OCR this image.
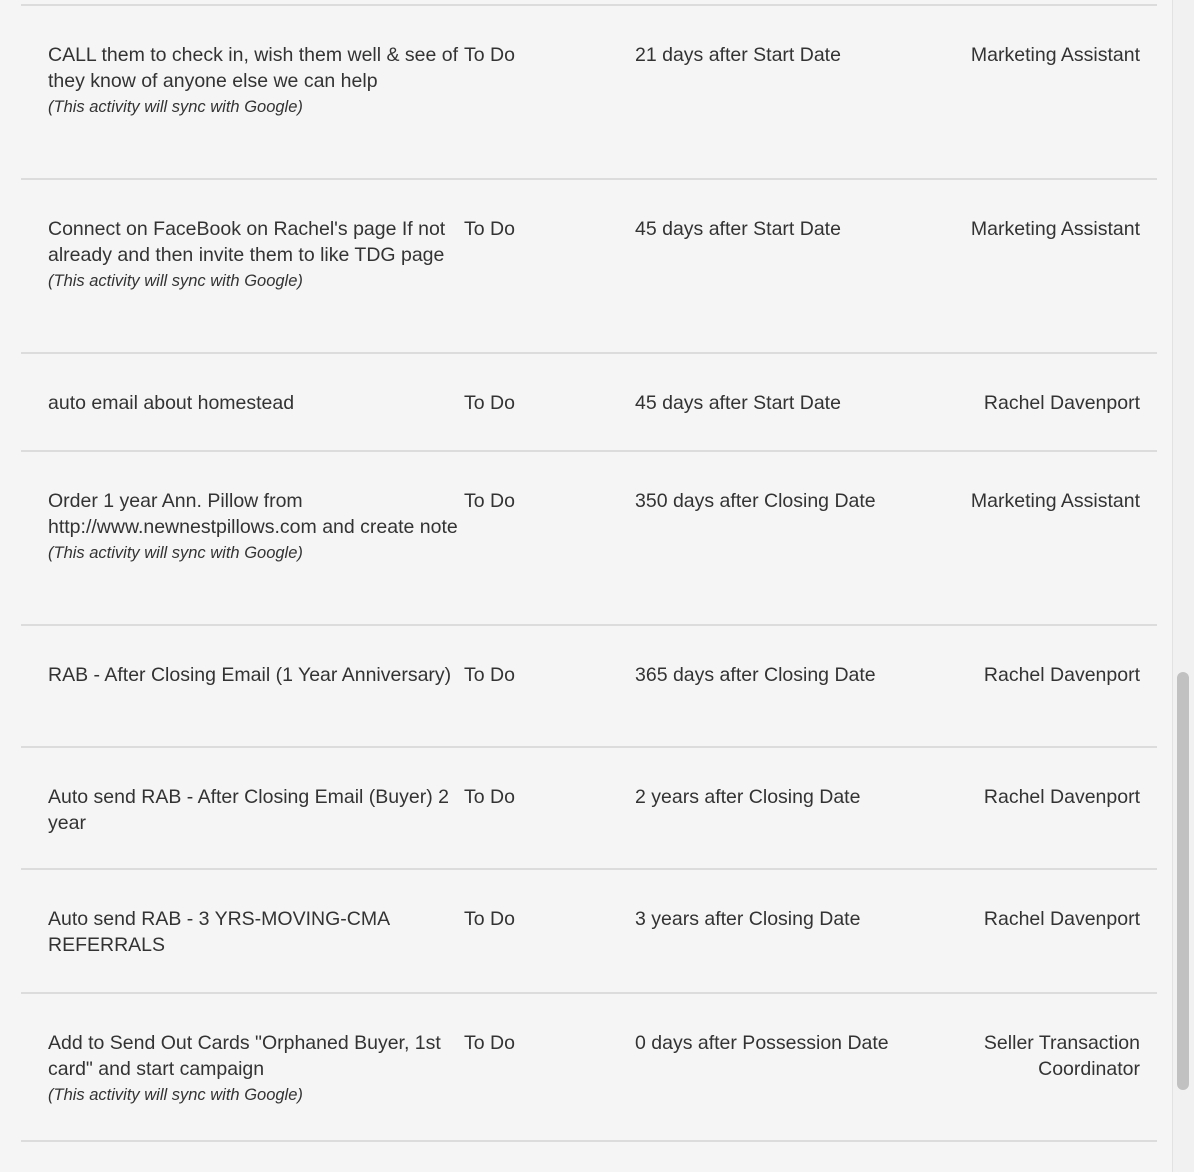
CALL them to check in, wish them well & see of they know of anyone else we can help
(This activity will sync with Google)
To Do	21 days after Start Date	Marketing Assistant
Connect on FaceBook on Rachel's page If not already and then invite them to like TDG page
(This activity will sync with Google)
To Do	45 days after Start Date	Marketing Assistant
auto email about homestead	To Do	45 days after Start Date	Rachel Davenport
Order 1 year Ann. Pillow from http://www.newnestpillows.com and create note
(This activity will sync with Google)
To Do	350 days after Closing Date	Marketing Assistant
RAB - After Closing Email (1 Year Anniversary) To Do	365 days after Closing Date	Rachel Davenport
Auto send RAB - After Closing Email (Buyer) 2 year
To Do	2 years after Closing Date	Rachel Davenport
Auto send RAB - 3 YRS-MOVING-CMA REFERRALS
To Do	3 years after Closing Date	Rachel Davenport
Add to Send Out Cards "Orphaned Buyer, 1st card" and start campaign
(This activity will sync with Google)
To Do	0 days after Possession Date	Seller Transaction Coordinator
